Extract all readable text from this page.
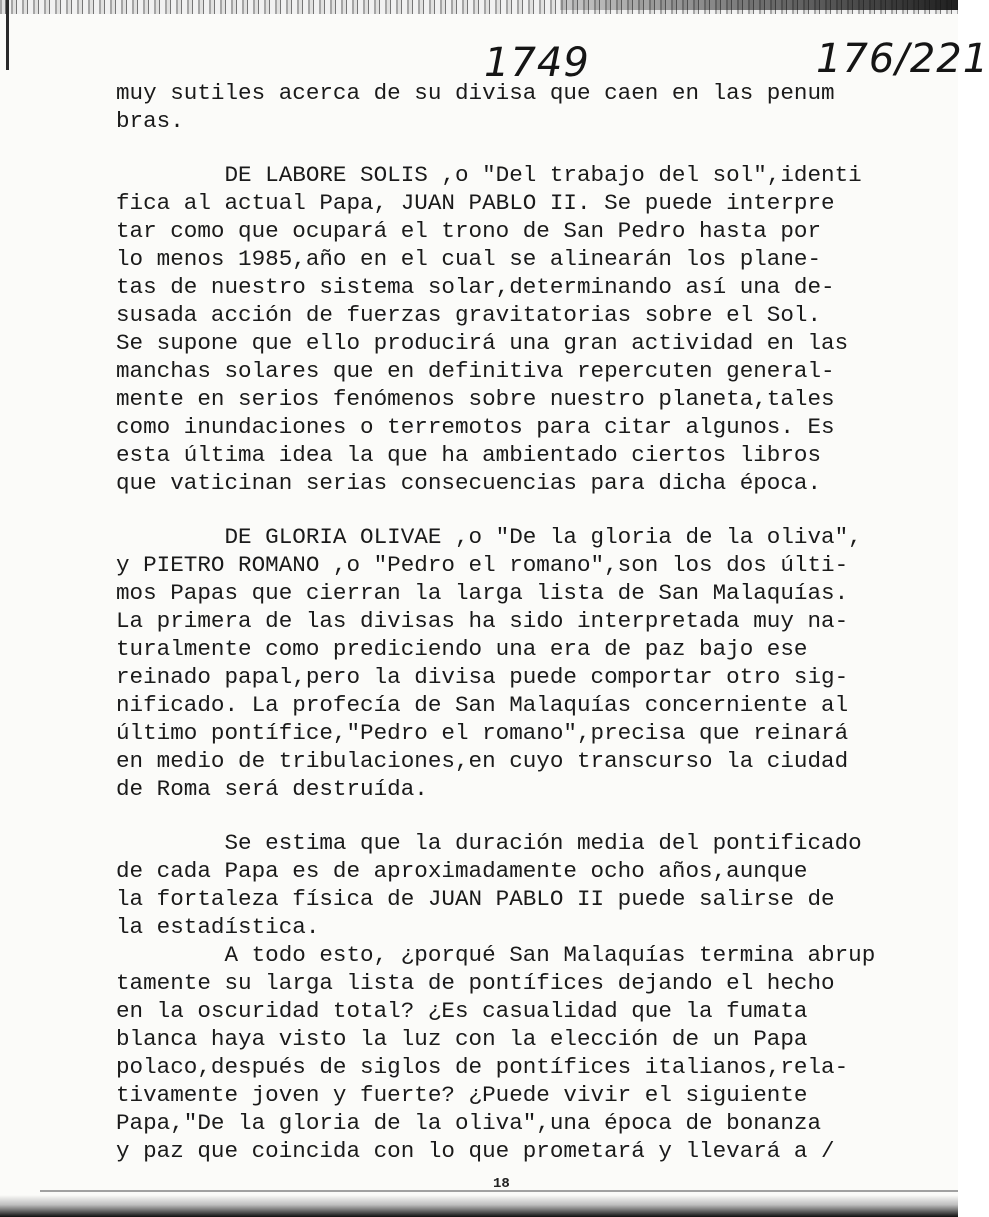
1749	176/221
muy sutiles acerca de su divisa que caen en las penum
bras.
DE LABORE SOLIS ,o "Del trabajo del sol",identi
fica al actual Papa, JUAN PABLO II. Se puede interpre
tar como que ocupará el trono de San Pedro hasta por
lo menos 1985,año en el cual se alinearán los plane-
tas de nuestro sistema solar,determinando así una de-
susada acción de fuerzas gravitatorias sobre el Sol.
Se supone que ello producirá una gran actividad en las
manchas solares que en definitiva repercuten general-
mente en serios fenómenos sobre nuestro planeta,tales
como inundaciones o terremotos para citar algunos. Es
esta última idea la que ha ambientado ciertos libros
que vaticinan serias consecuencias para dicha época.
DE GLORIA OLIVAE ,o "De la gloria de la oliva",
y PIETRO ROMANO ,o "Pedro el romano",son los dos últi-
mos Papas que cierran la larga lista de San Malaquías.
La primera de las divisas ha sido interpretada muy na-
turalmente como prediciendo una era de paz bajo ese
reinado papal,pero la divisa puede comportar otro sig-
nificado. La profecía de San Malaquías concerniente al
último pontífice,"Pedro el romano",precisa que reinará
en medio de tribulaciones,en cuyo transcurso la ciudad
de Roma será destruída.
Se estima que la duración media del pontificado
de cada Papa es de aproximadamente ocho años,aunque
la fortaleza física de JUAN PABLO II puede salirse de
la estadística.
A todo esto, ¿porqué San Malaquías termina abrup
tamente su larga lista de pontífices dejando el hecho
en la oscuridad total? ¿Es casualidad que la fumata
blanca haya visto la luz con la elección de un Papa
polaco,después de siglos de pontífices italianos,rela-
tivamente joven y fuerte? ¿Puede vivir el siguiente
Papa,"De la gloria de la oliva",una época de bonanza
y paz que coincida con lo que prometará y llevará a /
18
